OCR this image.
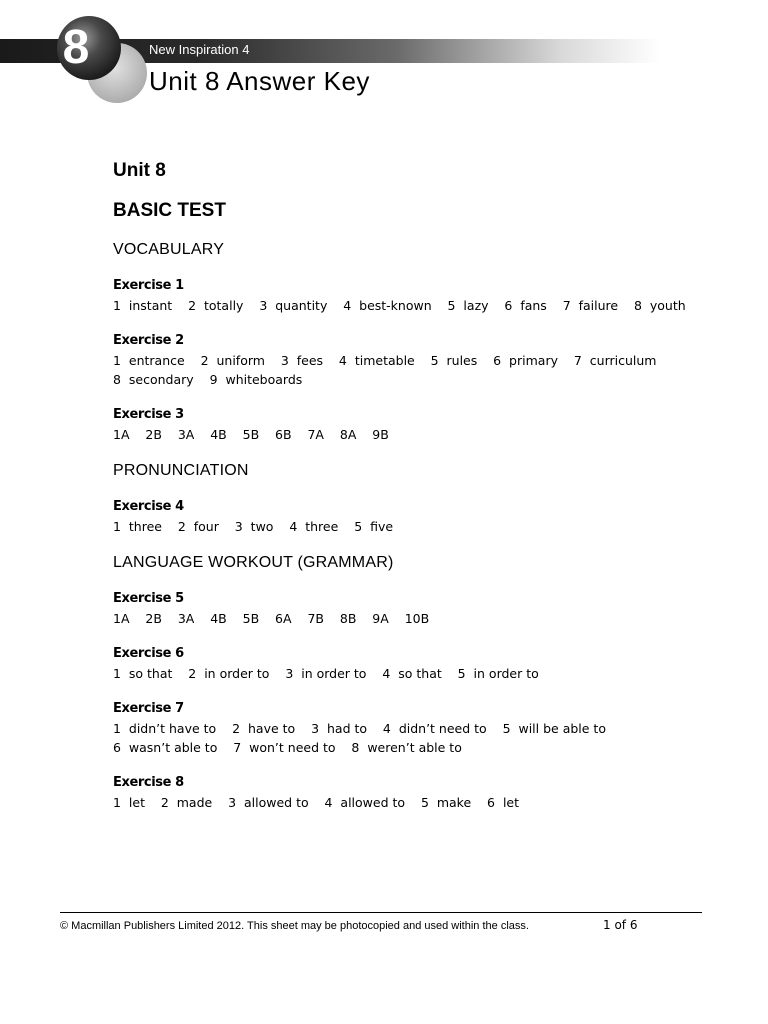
8	New Inspiration 4
Unit 8 Answer Key
Unit 8
BASIC TEST
VOCABULARY
Exercise 1
1  instant    2  totally    3  quantity    4  best-known    5  lazy    6  fans    7  failure    8  youth
Exercise 2
1  entrance    2  uniform    3  fees    4  timetable    5  rules    6  primary    7  curriculum
8  secondary    9  whiteboards
Exercise 3
1A    2B    3A    4B    5B    6B    7A    8A    9B
PRONUNCIATION
Exercise 4
1  three    2  four    3  two    4  three    5  five
LANGUAGE WORKOUT (GRAMMAR)
Exercise 5
1A    2B    3A    4B    5B    6A    7B    8B    9A    10B
Exercise 6
1  so that    2  in order to    3  in order to    4  so that    5  in order to
Exercise 7
1  didn’t have to    2  have to    3  had to    4  didn’t need to    5  will be able to
6  wasn’t able to    7  won’t need to    8  weren’t able to
Exercise 8
1  let    2  made    3  allowed to    4  allowed to    5  make    6  let
© Macmillan Publishers Limited 2012. This sheet may be photocopied and used within the class.	1 of 6
